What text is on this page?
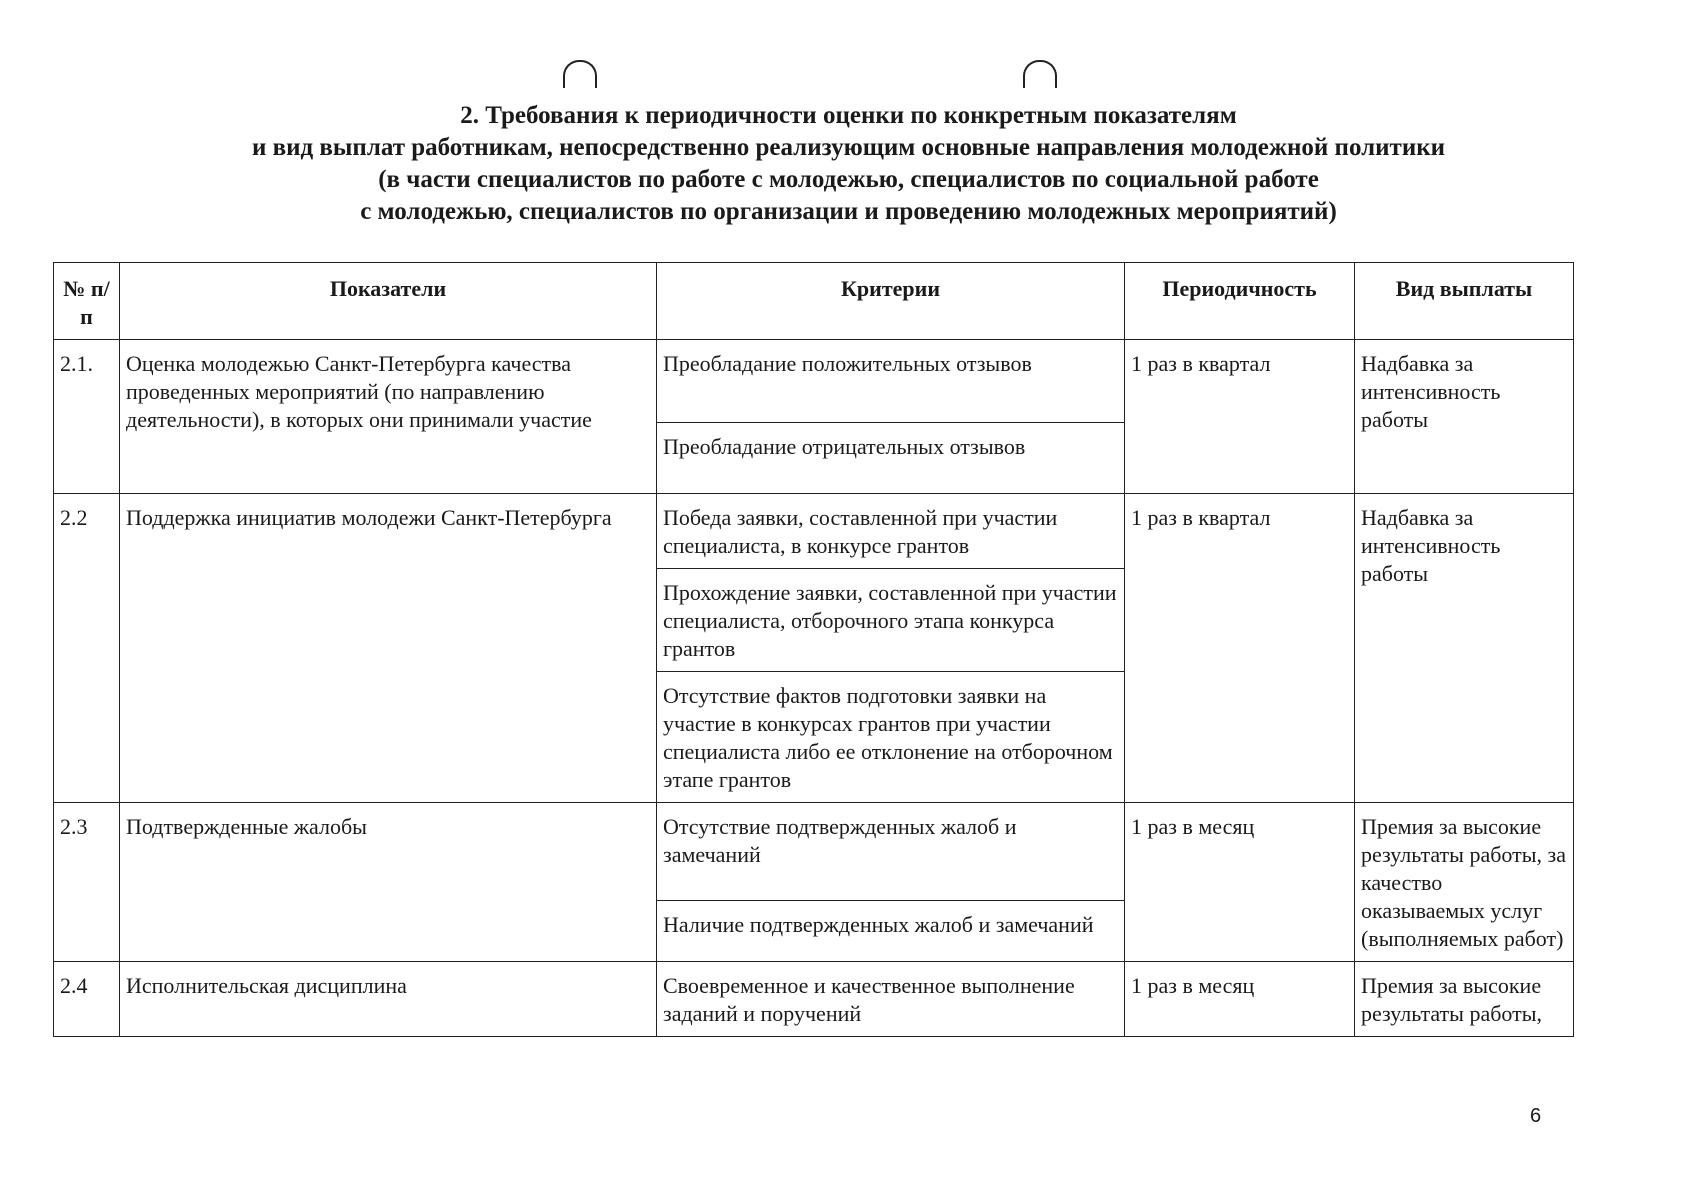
2. Требования к периодичности оценки по конкретным показателям
и вид выплат работникам, непосредственно реализующим основные направления молодежной политики
(в части специалистов по работе с молодежью, специалистов по социальной работе
с молодежью, специалистов по организации и проведению молодежных мероприятий)
№ п/п	Показатели	Критерии	Периодичность	Вид выплаты
2.1.	Оценка молодежью Санкт-Петербурга качества проведенных мероприятий (по направлению деятельности), в которых они принимали участие	Преобладание положительных отзывов	1 раз в квартал	Надбавка за интенсивность работы
		Преобладание отрицательных отзывов		
2.2	Поддержка инициатив молодежи Санкт-Петербурга	Победа заявки, составленной при участии специалиста, в конкурсе грантов	1 раз в квартал	Надбавка за интенсивность работы
		Прохождение заявки, составленной при участии специалиста, отборочного этапа конкурса грантов		
		Отсутствие фактов подготовки заявки на участие в конкурсах грантов при участии специалиста либо ее отклонение на отборочном этапе грантов		
2.3	Подтвержденные жалобы	Отсутствие подтвержденных жалоб и замечаний	1 раз в месяц	Премия за высокие результаты работы, за качество оказываемых услуг (выполняемых работ)
		Наличие подтвержденных жалоб и замечаний		
2.4	Исполнительская дисциплина	Своевременное и качественное выполнение заданий и поручений	1 раз в месяц	Премия за высокие результаты работы,
6
